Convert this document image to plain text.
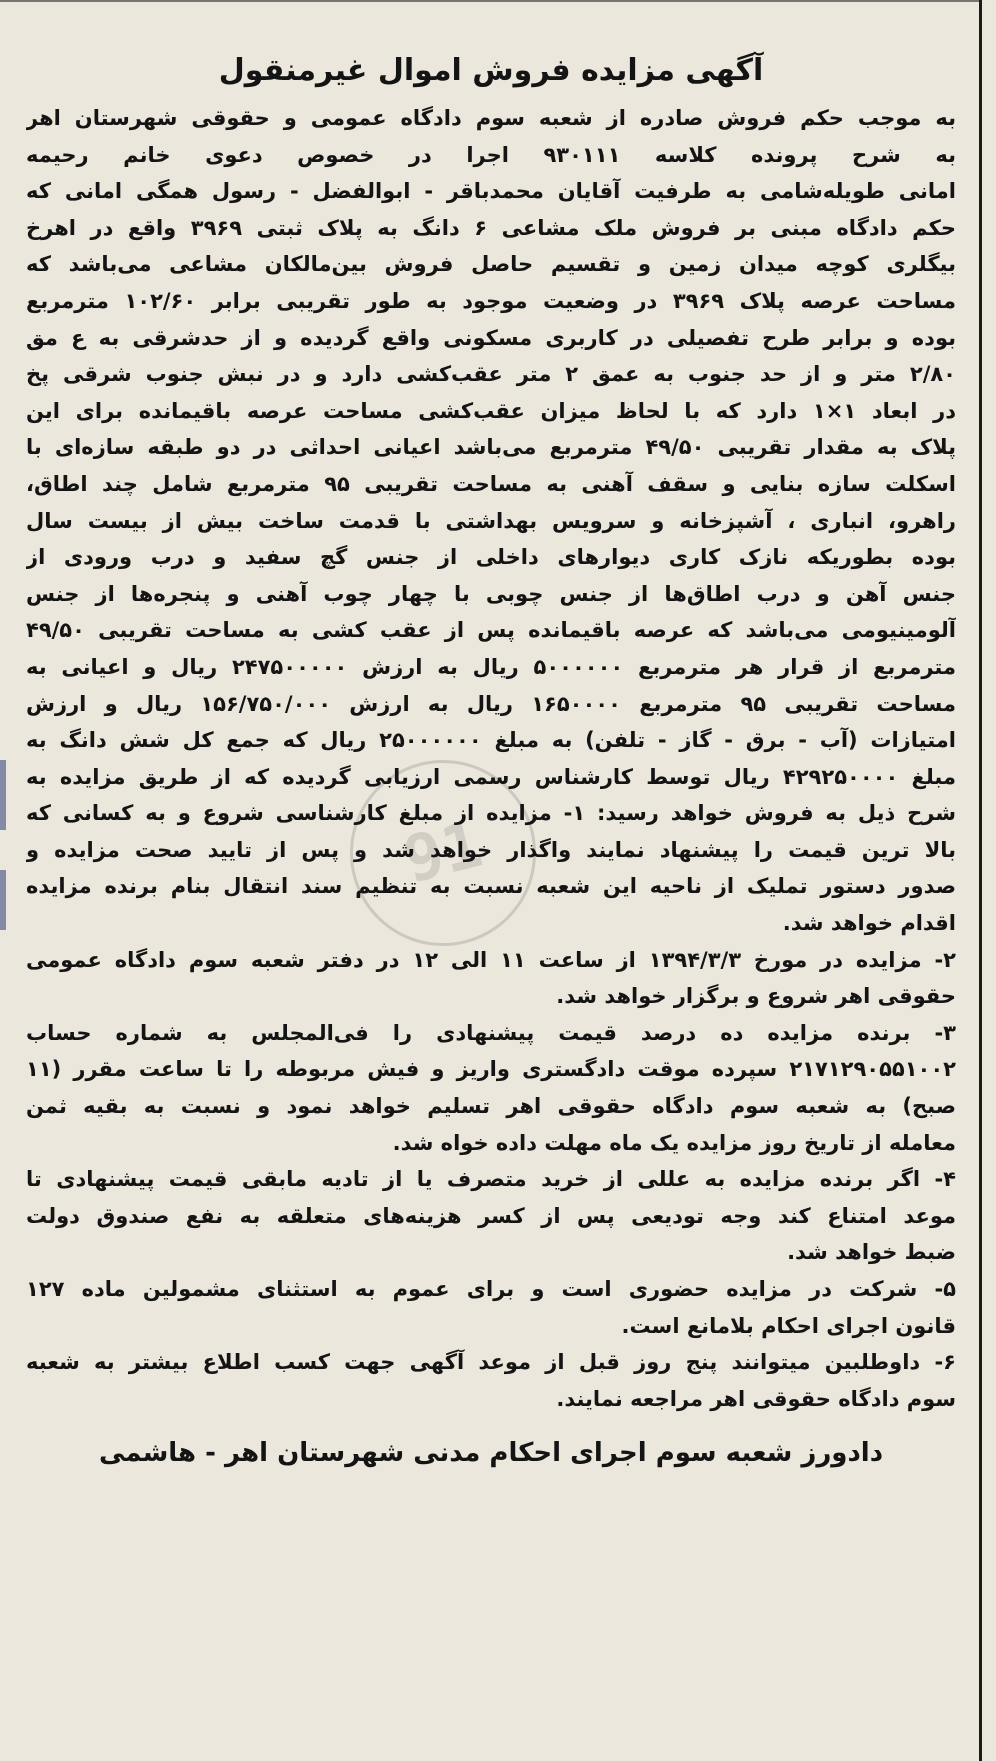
91
آگهی مزایده فروش اموال غیرمنقول
به موجب حکم فروش صادره از شعبه سوم دادگاه عمومی و حقوقی شهرستان اهر
به شرح پرونده کلاسه ۹۳۰۱۱۱ اجرا در خصوص دعوی خانم رحیمه
امانی طویله‌شامی به طرفیت آقایان محمدباقر - ابوالفضل - رسول همگی امانی که
حکم دادگاه مبنی بر فروش ملک مشاعی ۶ دانگ به پلاک ثبتی ۳۹۶۹ واقع در اهرخ
بیگلری کوچه میدان زمین و تقسیم حاصل فروش بین‌مالکان مشاعی می‌باشد که
مساحت عرصه پلاک ۳۹۶۹ در وضعیت موجود به طور تقریبی برابر ۱۰۲/۶۰ مترمربع
بوده و برابر طرح تفصیلی در کاربری مسکونی واقع گردیده و از حدشرقی به ع مق
۲/۸۰ متر و از حد جنوب به عمق ۲ متر عقب‌کشی دارد و در نبش جنوب شرقی پخ
در ابعاد ۱×۱ دارد که با لحاظ میزان عقب‌کشی مساحت عرصه باقیمانده برای این
پلاک به مقدار تقریبی ۴۹/۵۰ مترمربع می‌باشد اعیانی احداثی در دو طبقه سازه‌ای با
اسکلت سازه بنایی و سقف آهنی به مساحت تقریبی ۹۵ مترمربع شامل چند اطاق،
راهرو، انباری ، آشپزخانه و سرویس بهداشتی با قدمت ساخت بیش از بیست سال
بوده بطوریکه نازک کاری دیوارهای داخلی از جنس گچ سفید و درب ورودی از
جنس آهن و درب اطاق‌ها از جنس چوبی با چهار چوب آهنی و پنجره‌ها از جنس
آلومینیومی می‌باشد که عرصه باقیمانده پس از عقب کشی به مساحت تقریبی ۴۹/۵۰
مترمربع از قرار هر مترمربع ۵۰۰۰۰۰۰ ریال به ارزش ۲۴۷۵۰۰۰۰۰ ریال و اعیانی به
مساحت تقریبی ۹۵ مترمربع ۱۶۵۰۰۰۰ ریال به ارزش ۱۵۶/۷۵۰/۰۰۰ ریال و ارزش
امتیازات (آب - برق - گاز - تلفن) به مبلغ ۲۵۰۰۰۰۰۰ ریال که جمع کل شش دانگ به
مبلغ ۴۲۹۲۵۰۰۰۰ ریال توسط کارشناس رسمی ارزیابی گردیده که از طریق مزایده به
شرح ذیل به فروش خواهد رسید: ۱- مزایده از مبلغ کارشناسی شروع و به کسانی که
بالا ترین قیمت را پیشنهاد نمایند واگذار خواهد شد و پس از تایید صحت مزایده و
صدور دستور تملیک از ناحیه این شعبه نسبت به تنظیم سند انتقال بنام برنده مزایده
اقدام خواهد شد.
۲- مزایده در مورخ ۱۳۹۴/۳/۳ از ساعت ۱۱ الی ۱۲ در دفتر شعبه سوم دادگاه عمومی
حقوقی اهر شروع و برگزار خواهد شد.
۳- برنده مزایده ده درصد قیمت پیشنهادی را فی‌المجلس به شماره حساب
۲۱۷۱۲۹۰۵۵۱۰۰۲ سپرده موقت دادگستری واریز و فیش مربوطه را تا ساعت مقرر (۱۱
صبح) به شعبه سوم دادگاه حقوقی اهر تسلیم خواهد نمود و نسبت به بقیه ثمن
معامله از تاریخ روز مزایده یک ماه مهلت داده خواه شد.
۴- اگر برنده مزایده به عللی از خرید متصرف یا از تادیه مابقی قیمت پیشنهادی تا
موعد امتناع کند وجه تودیعی پس از کسر هزینه‌های متعلقه به نفع صندوق دولت
ضبط خواهد شد.
۵- شرکت در مزایده حضوری است و برای عموم به استثنای مشمولین ماده ۱۲۷
قانون اجرای احکام بلامانع است.
۶- داوطلبین میتوانند پنج روز قبل از موعد آگهی جهت کسب اطلاع بیشتر به شعبه
سوم دادگاه حقوقی اهر مراجعه نمایند.
دادورز شعبه سوم اجرای احکام مدنی شهرستان اهر - هاشمی
